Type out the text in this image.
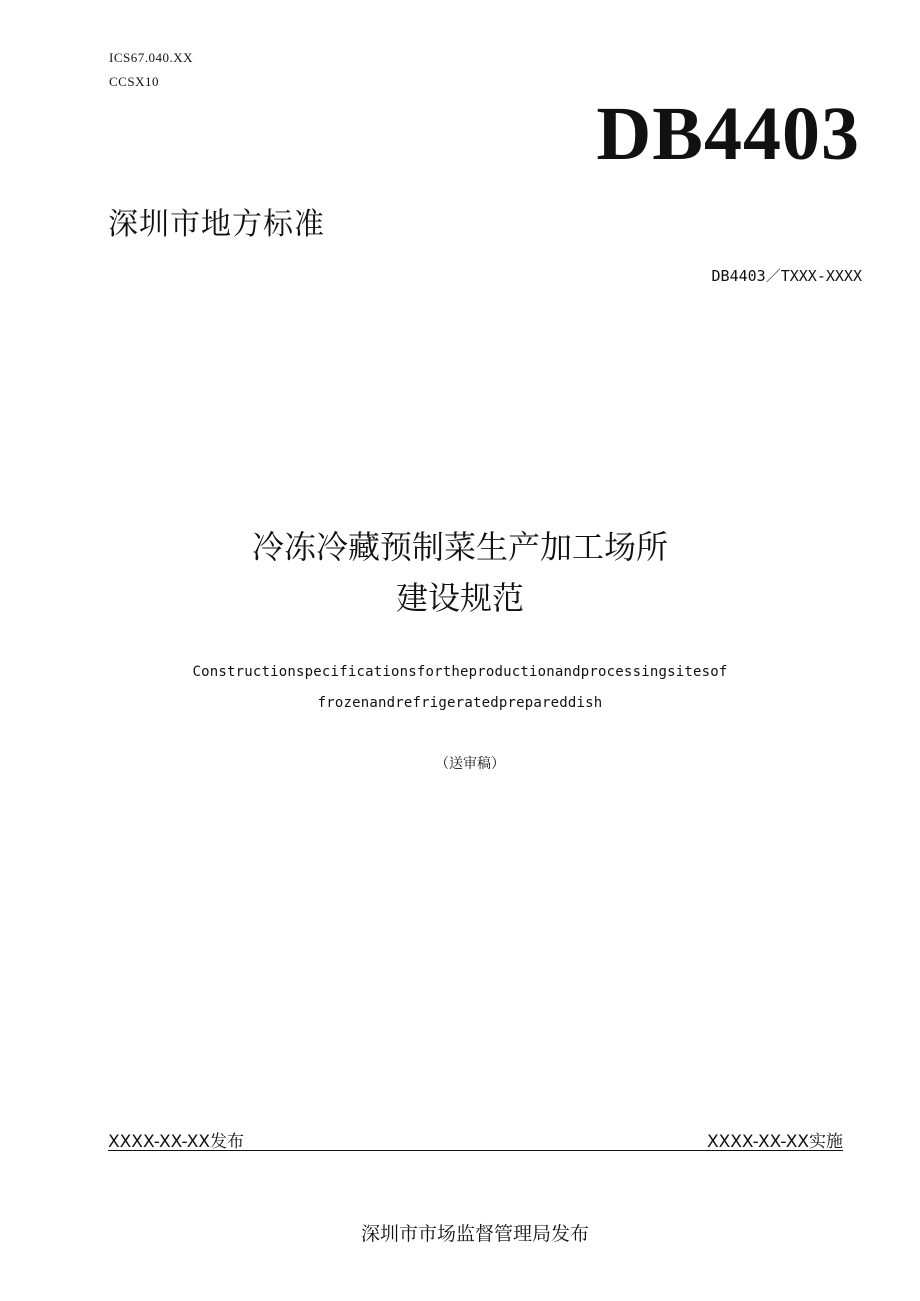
ICS67.040.XX
CCSX10
DB4403
深圳市地方标准
DB4403／TXXX-XXXX
冷冻冷藏预制菜生产加工场所
建设规范
Constructionspecificationsfortheproductionandprocessingsitesof
frozenandrefrigeratedprepareddish
（送审稿）
XXXX-XX-XX发布	XXXX-XX-XX实施
深圳市市场监督管理局发布
